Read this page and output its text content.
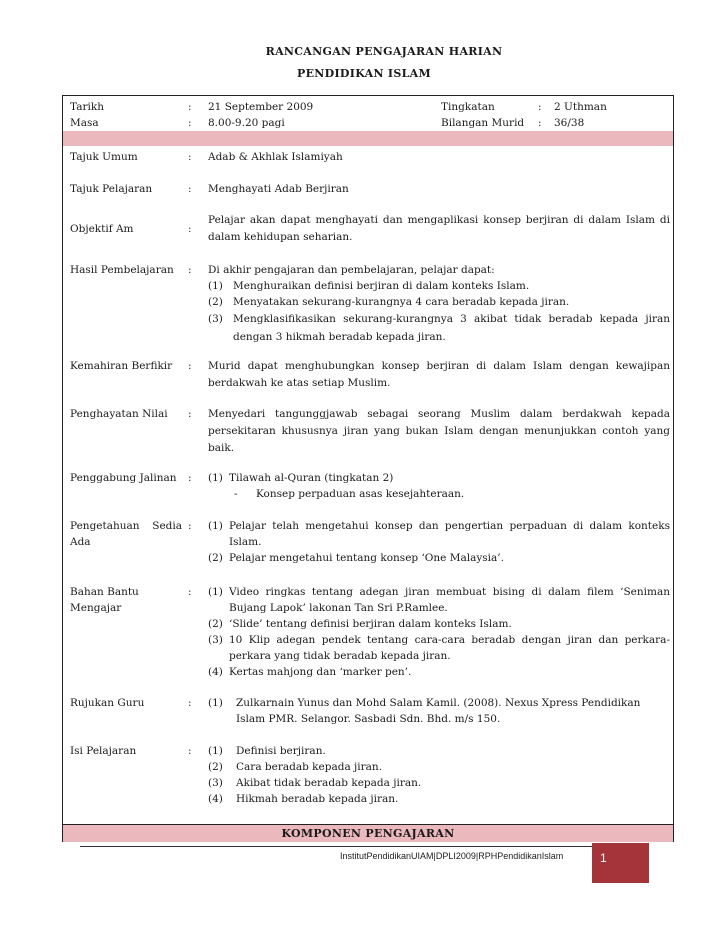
RANCANGAN PENGAJARAN HARIAN
PENDIDIKAN ISLAM
Tarikh	: 21 September 2009	Tingkatan	: 2 Uthman
Masa	: 8.00-9.20 pagi	Bilangan Murid : 36/38
Tajuk Umum	: Adab & Akhlak Islamiyah
Tajuk Pelajaran	: Menghayati Adab Berjiran
Objektif Am	:
Pelajar akan dapat menghayati dan mengaplikasi konsep berjiran di dalam Islam di dalam kehidupan seharian.
Hasil Pembelajaran	: Di akhir pengajaran dan pembelajaran, pelajar dapat:
(1) Menghuraikan definisi berjiran di dalam konteks Islam.
(2) Menyatakan sekurang-kurangnya 4 cara beradab kepada jiran.
(3) Mengklasifikasikan sekurang-kurangnya 3 akibat tidak beradab kepada jiran dengan 3 hikmah beradab kepada jiran.
Kemahiran Berfikir	: Murid dapat menghubungkan konsep berjiran di dalam Islam dengan kewajipan berdakwah ke atas setiap Muslim.
Penghayatan Nilai	: Menyedari tangunggjawab sebagai seorang Muslim dalam berdakwah kepada persekitaran khususnya jiran yang bukan Islam dengan menunjukkan contoh yang baik.
Penggabung Jalinan	: (1) Tilawah al-Quran (tingkatan 2)
- Konsep perpaduan asas kesejahteraan.
Pengetahuan Sedia Ada
: (1) Pelajar telah mengetahui konsep dan pengertian perpaduan di dalam konteks Islam.
(2) Pelajar mengetahui tentang konsep ‘One Malaysia’.
Bahan Bantu Mengajar
: (1) Video ringkas tentang adegan jiran membuat bising di dalam filem ‘Seniman Bujang Lapok’ lakonan Tan Sri P.Ramlee.
(2) ‘Slide’ tentang definisi berjiran dalam konteks Islam.
(3) 10 Klip adegan pendek tentang cara-cara beradab dengan jiran dan perkara-perkara yang tidak beradab kepada jiran.
(4) Kertas mahjong dan ‘marker pen’.
Rujukan Guru	: (1) Zulkarnain Yunus dan Mohd Salam Kamil. (2008). Nexus Xpress Pendidikan Islam PMR. Selangor. Sasbadi Sdn. Bhd. m/s 150.
Isi Pelajaran	: (1) Definisi berjiran.
(2) Cara beradab kepada jiran.
(3) Akibat tidak beradab kepada jiran.
(4) Hikmah beradab kepada jiran.
KOMPONEN PENGAJARAN
InstitutPendidikanUIAM|DPLI2009|RPHPendidikanIslam	1
